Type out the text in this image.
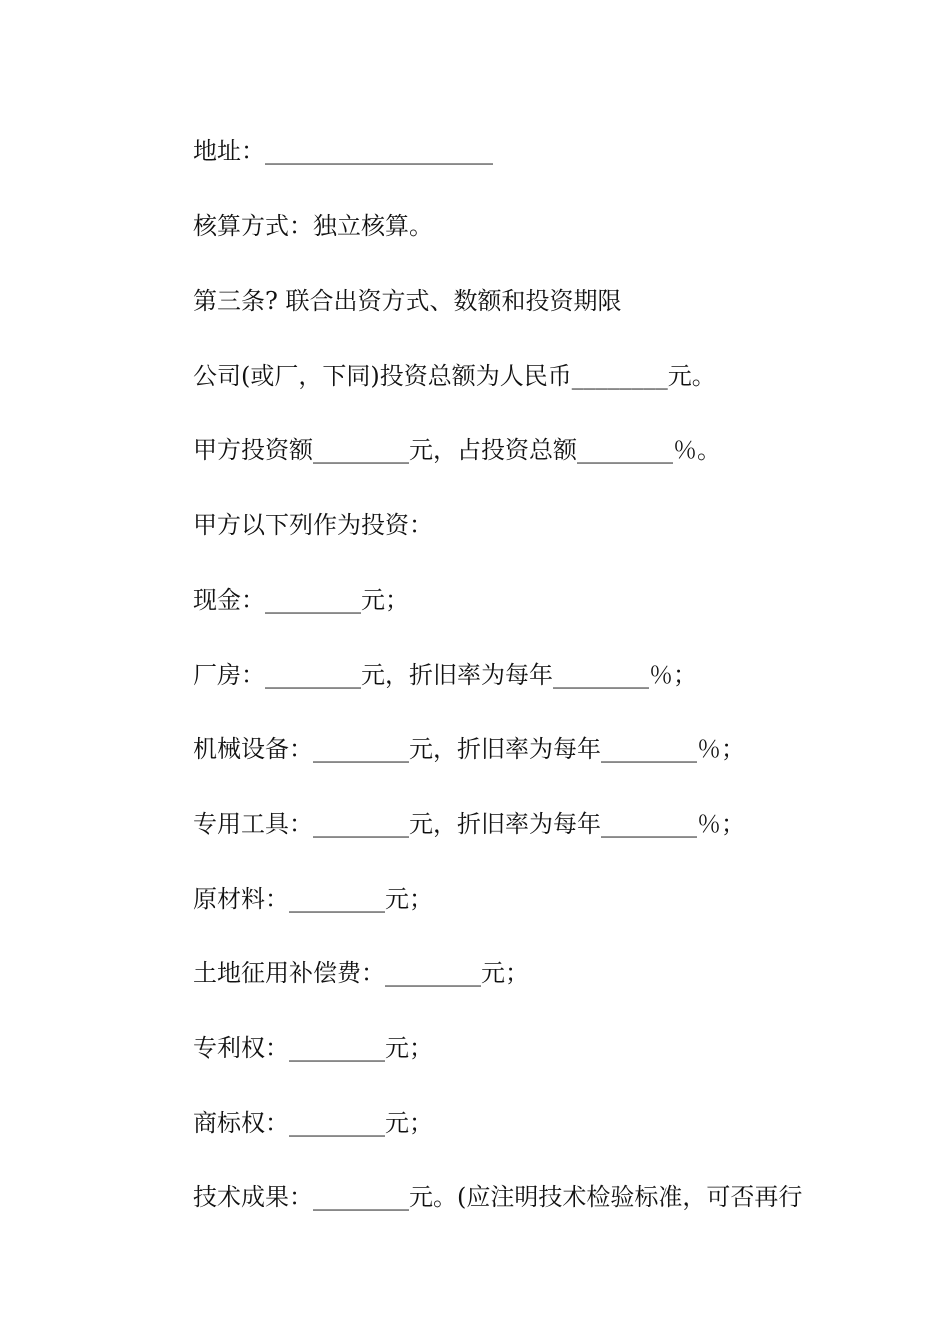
地址：___________________
核算方式：独立核算。
第三条? 联合出资方式、数额和投资期限
公司(或厂，下同)投资总额为人民币________元。
甲方投资额________元，占投资总额________％。
甲方以下列作为投资：
现金：________元；
厂房：________元，折旧率为每年________％；
机械设备：________元，折旧率为每年________％；
专用工具：________元，折旧率为每年________％；
原材料：________元；
土地征用补偿费：________元；
专利权：________元；
商标权：________元；
技术成果：________元。(应注明技术检验标准，可否再行
